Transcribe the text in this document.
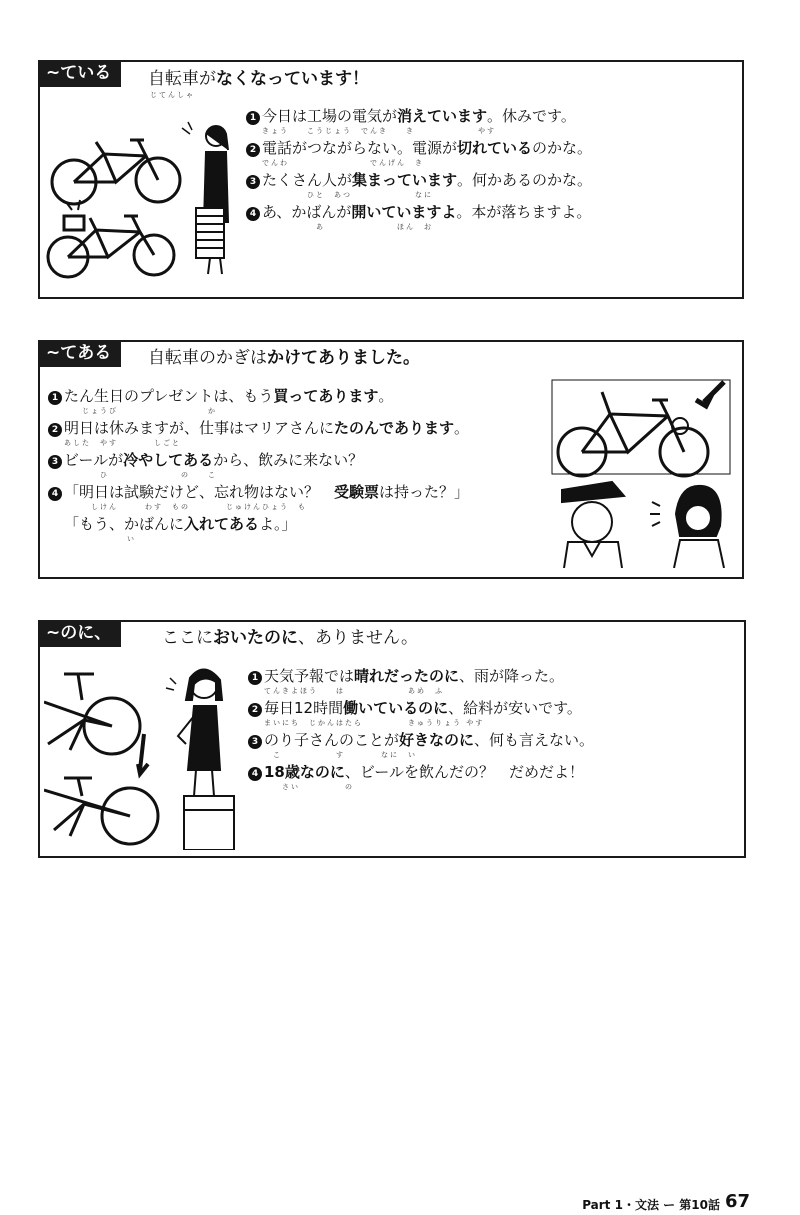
~ている	自転車がなくなっています！
じてんしゃ
1 今日は工場の電気が消えています。休みです。
きょう　　こうじょう　でんき　　き　　　　　　　やす
2 電話がつながらない。電源が切れているのかな。
でんわ　　　　　　　　　でんげん　き
3 たくさん人が集まっています。何かあるのかな。
　　　　　ひと　あつ　　　　　　　なに
4 あ、かばんが開いていますよ。本が落ちますよ。
　　　　　　あ　　　　　　　　ほん　お
~てある	自転車のかぎはかけてありました。
1 たん生日のプレゼントは、もう買ってあります。
　　じょうび　　　　　　　　　　か
2 明日は休みますが、仕事はマリアさんにたのんであります。
あした　やす　　　　しごと
3 ビールが冷やしてあるから、飲みに来ない？
　　　　ひ　　　　　　　　の　　こ
4 「明日は試験だけど、忘れ物はない？　受験票は持った？」
　　　しけん　　　わす　もの　　　　じゅけんひょう　も
「もう、かばんに入れてあるよ。」
　　　　　　　い
~のに、	ここにおいたのに、ありません。
1 天気予報では晴れだったのに、雨が降った。
てんきよほう　　は　　　　　　　あめ　ふ
2 毎日12時間働いているのに、給料が安いです。
まいにち　じかんはたら　　　　　きゅうりょう やす
3 のり子さんのことが好きなのに、何も言えない。
　こ　　　　　　す　　　　なに　い
4 18歳なのに、ビールを飲んだの？　だめだよ！
　　さい　　　　　の
Part 1・文法 ー 第10話 67
